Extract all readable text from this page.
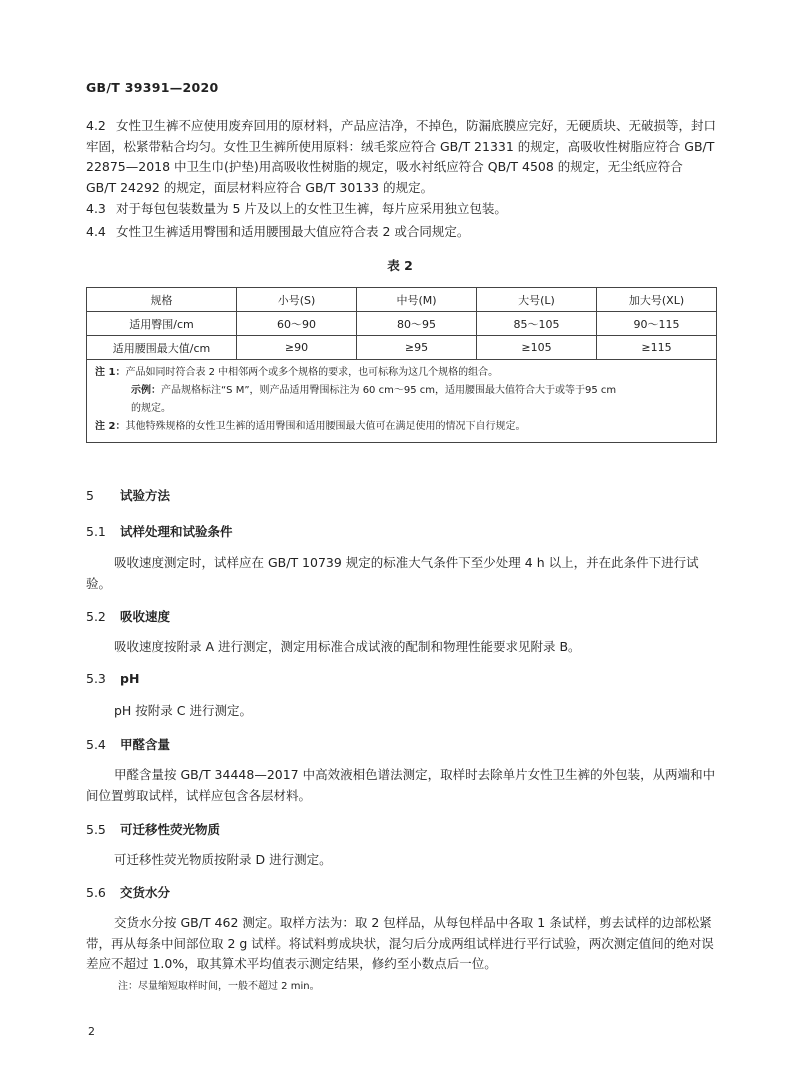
GB/T 39391—2020
4.2 女性卫生裤不应使用废弃回用的原材料，产品应洁净，不掉色，防漏底膜应完好，无硬质块、无破损等，封口牢固，松紧带粘合均匀。女性卫生裤所使用原料：绒毛浆应符合 GB/T 21331 的规定，高吸收性树脂应符合 GB/T 22875—2018 中卫生巾(护垫)用高吸收性树脂的规定，吸水衬纸应符合 QB/T 4508 的规定，无尘纸应符合 GB/T 24292 的规定，面层材料应符合 GB/T 30133 的规定。
4.3 对于每包包装数量为 5 片及以上的女性卫生裤，每片应采用独立包装。
4.4 女性卫生裤适用臀围和适用腰围最大值应符合表 2 或合同规定。
表 2
规格	小号(S)	中号(M)	大号(L)	加大号(XL)
适用臀围/cm	60～90	80～95	85～105	90～115
适用腰围最大值/cm	≥90	≥95	≥105	≥115

注 1：产品如同时符合表 2 中相邻两个或多个规格的要求，也可标称为这几个规格的组合。
示例：产品规格标注“S M”，则产品适用臀围标注为 60 cm～95 cm，适用腰围最大值符合大于或等于95 cm
的规定。
注 2：其他特殊规格的女性卫生裤的适用臀围和适用腰围最大值可在满足使用的情况下自行规定。				
5 试验方法
5.1 试样处理和试验条件
吸收速度测定时，试样应在 GB/T 10739 规定的标准大气条件下至少处理 4 h 以上，并在此条件下进行试验。
5.2 吸收速度
吸收速度按附录 A 进行测定，测定用标准合成试液的配制和物理性能要求见附录 B。
5.3 pH
pH 按附录 C 进行测定。
5.4 甲醛含量
甲醛含量按 GB/T 34448—2017 中高效液相色谱法测定，取样时去除单片女性卫生裤的外包装，从两端和中间位置剪取试样，试样应包含各层材料。
5.5 可迁移性荧光物质
可迁移性荧光物质按附录 D 进行测定。
5.6 交货水分
交货水分按 GB/T 462 测定。取样方法为：取 2 包样品，从每包样品中各取 1 条试样，剪去试样的边部松紧带，再从每条中间部位取 2 g 试样。将试料剪成块状，混匀后分成两组试样进行平行试验，两次测定值间的绝对误差应不超过 1.0%，取其算术平均值表示测定结果，修约至小数点后一位。
注：尽量缩短取样时间，一般不超过 2 min。
2
